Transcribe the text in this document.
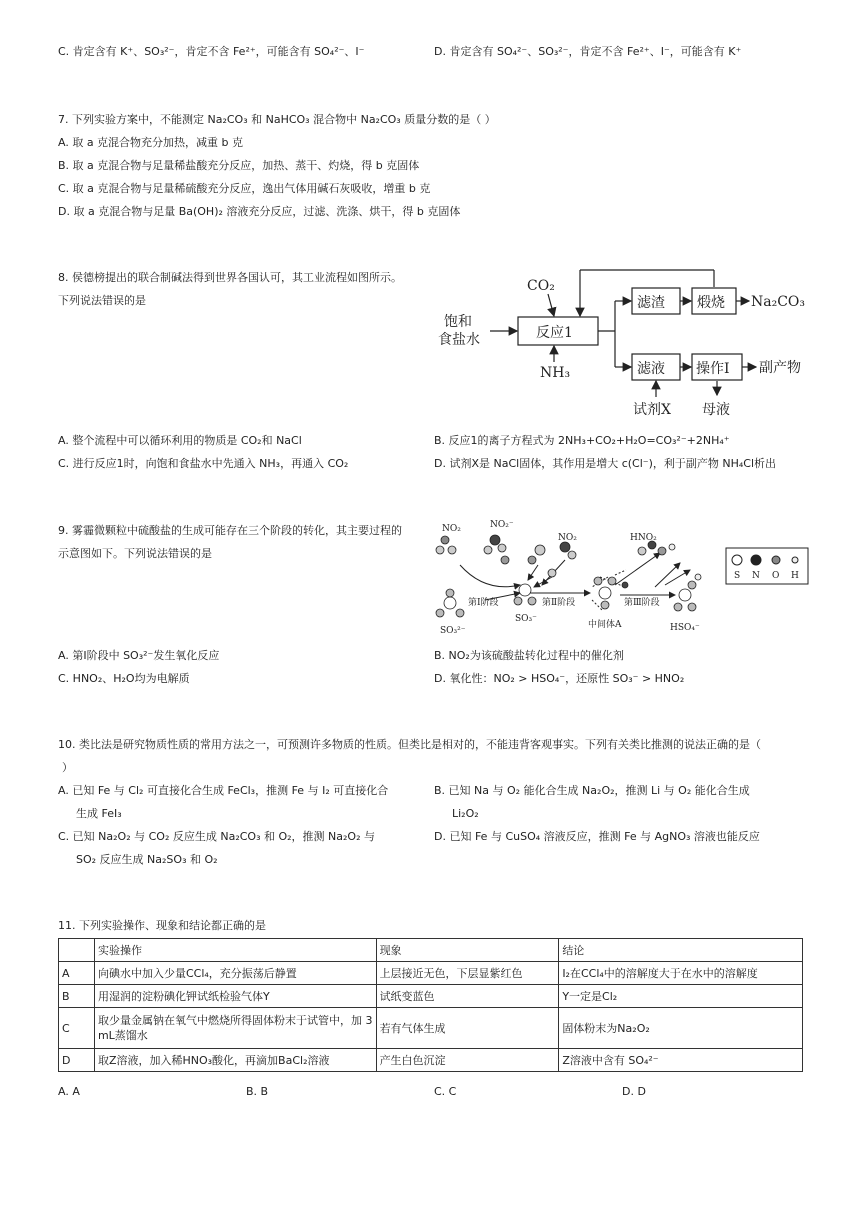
C. 肯定含有 K⁺、SO₃²⁻，肯定不含 Fe²⁺，可能含有 SO₄²⁻、I⁻	D. 肯定含有 SO₄²⁻、SO₃²⁻，肯定不含 Fe²⁺、I⁻，可能含有 K⁺
7. 下列实验方案中，不能测定 Na₂CO₃ 和 NaHCO₃ 混合物中 Na₂CO₃ 质量分数的是（ ）
A. 取 a 克混合物充分加热，减重 b 克
B. 取 a 克混合物与足量稀盐酸充分反应，加热、蒸干、灼烧，得 b 克固体
C. 取 a 克混合物与足量稀硫酸充分反应，逸出气体用碱石灰吸收，增重 b 克
D. 取 a 克混合物与足量 Ba(OH)₂ 溶液充分反应，过滤、洗涤、烘干，得 b 克固体
8. 侯德榜提出的联合制碱法得到世界各国认可，其工业流程如图所示。
下列说法错误的是
CO₂
饱和
食盐水	反应1
NH₃
滤渣 煅烧 Na₂CO₃
滤液 操作Ⅰ 副产物
试剂X 母液
A. 整个流程中可以循环利用的物质是 CO₂和 NaCl	B. 反应1的离子方程式为 2NH₃+CO₂+H₂O=CO₃²⁻+2NH₄⁺
C. 进行反应1时，向饱和食盐水中先通入 NH₃，再通入 CO₂	D. 试剂X是 NaCl固体，其作用是增大 c(Cl⁻)，利于副产物 NH₄Cl析出
9. 雾霾微颗粒中硫酸盐的生成可能存在三个阶段的转化，其主要过程的
示意图如下。下列说法错误的是
NO₂	NO₂⁻
NO₂	HNO₂
第Ⅰ阶段	第Ⅱ阶段	第Ⅲ阶段
SO₃²⁻
SO₃⁻
中间体A	HSO₄⁻
S N O H
A. 第Ⅰ阶段中 SO₃²⁻发生氧化反应	B. NO₂为该硫酸盐转化过程中的催化剂
C. HNO₂、H₂O均为电解质	D. 氧化性：NO₂ > HSO₄⁻，还原性 SO₃⁻ > HNO₂
10. 类比法是研究物质性质的常用方法之一，可预测许多物质的性质。但类比是相对的，不能违背客观事实。下列有关类比推测的说法正确的是（
）
A. 已知 Fe 与 Cl₂ 可直接化合生成 FeCl₃，推测 Fe 与 I₂ 可直接化合
生成 FeI₃
B. 已知 Na 与 O₂ 能化合生成 Na₂O₂，推测 Li 与 O₂ 能化合生成
Li₂O₂
C. 已知 Na₂O₂ 与 CO₂ 反应生成 Na₂CO₃ 和 O₂，推测 Na₂O₂ 与
SO₂ 反应生成 Na₂SO₃ 和 O₂
D. 已知 Fe 与 CuSO₄ 溶液反应，推测 Fe 与 AgNO₃ 溶液也能反应
11. 下列实验操作、现象和结论都正确的是
	实验操作	现象	结论
A	向碘水中加入少量CCl₄，充分振荡后静置	上层接近无色，下层显紫红色	I₂在CCl₄中的溶解度大于在水中的溶解度
B	用湿润的淀粉碘化钾试纸检验气体Y	试纸变蓝色	Y一定是Cl₂
C	取少量金属钠在氧气中燃烧所得固体粉末于试管中，加 3 mL蒸馏水	若有气体生成	固体粉末为Na₂O₂
D	取Z溶液，加入稀HNO₃酸化，再滴加BaCl₂溶液	产生白色沉淀	Z溶液中含有 SO₄²⁻
A. A	B. B	C. C	D. D
